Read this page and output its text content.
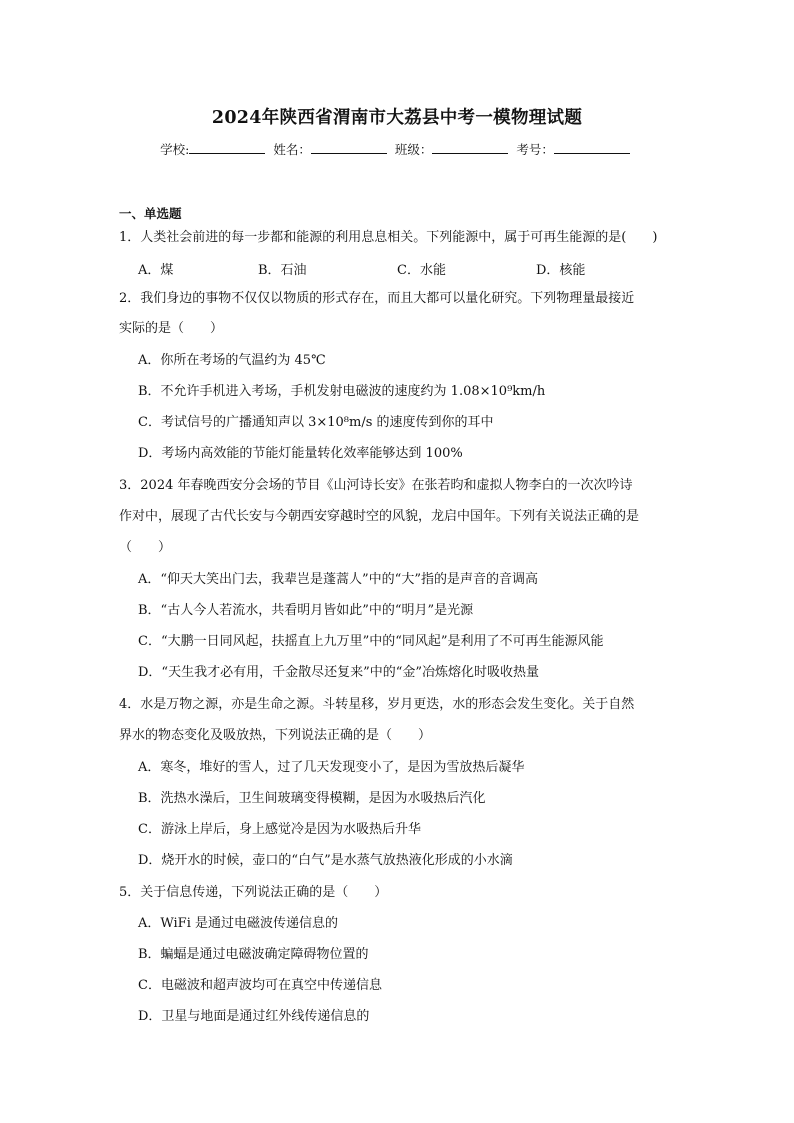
2024年陕西省渭南市大荔县中考一模物理试题
学校:	姓名：	班级：	考号：
一、单选题
1．人类社会前进的每一步都和能源的利用息息相关。下列能源中，属于可再生能源的是(　　)
A．煤	B．石油	C．水能	D．核能
2．我们身边的事物不仅仅以物质的形式存在，而且大都可以量化研究。下列物理量最接近
实际的是（　　）
A．你所在考场的气温约为 45℃
B．不允许手机进入考场，手机发射电磁波的速度约为 1.08×10⁹km/h
C．考试信号的广播通知声以 3×10⁸m/s 的速度传到你的耳中
D．考场内高效能的节能灯能量转化效率能够达到 100%
3．2024 年春晚西安分会场的节目《山河诗长安》在张若昀和虚拟人物李白的一次次吟诗
作对中，展现了古代长安与今朝西安穿越时空的风貌，龙启中国年。下列有关说法正确的是
（　　）
A．“仰天大笑出门去，我辈岂是蓬蒿人”中的“大”指的是声音的音调高
B．“古人今人若流水，共看明月皆如此”中的“明月”是光源
C．“大鹏一日同风起，扶摇直上九万里”中的“同风起”是利用了不可再生能源风能
D．“天生我才必有用，千金散尽还复来”中的“金”冶炼熔化时吸收热量
4．水是万物之源，亦是生命之源。斗转星移，岁月更迭，水的形态会发生变化。关于自然
界水的物态变化及吸放热，下列说法正确的是（　　）
A．寒冬，堆好的雪人，过了几天发现变小了，是因为雪放热后凝华
B．洗热水澡后，卫生间玻璃变得模糊，是因为水吸热后汽化
C．游泳上岸后，身上感觉冷是因为水吸热后升华
D．烧开水的时候，壶口的“白气”是水蒸气放热液化形成的小水滴
5．关于信息传递，下列说法正确的是（　　）
A．WiFi 是通过电磁波传递信息的
B．蝙蝠是通过电磁波确定障碍物位置的
C．电磁波和超声波均可在真空中传递信息
D．卫星与地面是通过红外线传递信息的
